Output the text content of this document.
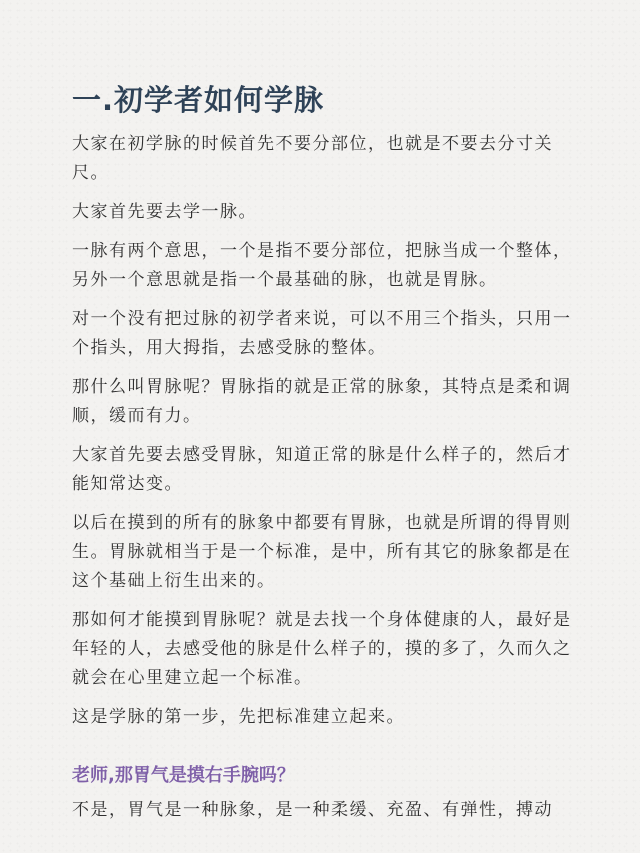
一.初学者如何学脉

大家在初学脉的时候首先不要分部位，也就是不要去分寸关尺。

大家首先要去学一脉。

一脉有两个意思，一个是指不要分部位，把脉当成一个整体，另外一个意思就是指一个最基础的脉，也就是胃脉。

对一个没有把过脉的初学者来说，可以不用三个指头，只用一个指头，用大拇指，去感受脉的整体。

那什么叫胃脉呢？胃脉指的就是正常的脉象，其特点是柔和调顺，缓而有力。

大家首先要去感受胃脉，知道正常的脉是什么样子的，然后才能知常达变。

以后在摸到的所有的脉象中都要有胃脉，也就是所谓的得胃则生。胃脉就相当于是一个标准，是中，所有其它的脉象都是在这个基础上衍生出来的。

那如何才能摸到胃脉呢？就是去找一个身体健康的人，最好是年轻的人，去感受他的脉是什么样子的，摸的多了，久而久之就会在心里建立起一个标准。

这是学脉的第一步，先把标准建立起来。

老师,那胃气是摸右手腕吗？

不是，胃气是一种脉象，是一种柔缓、充盈、有弹性，搏动
